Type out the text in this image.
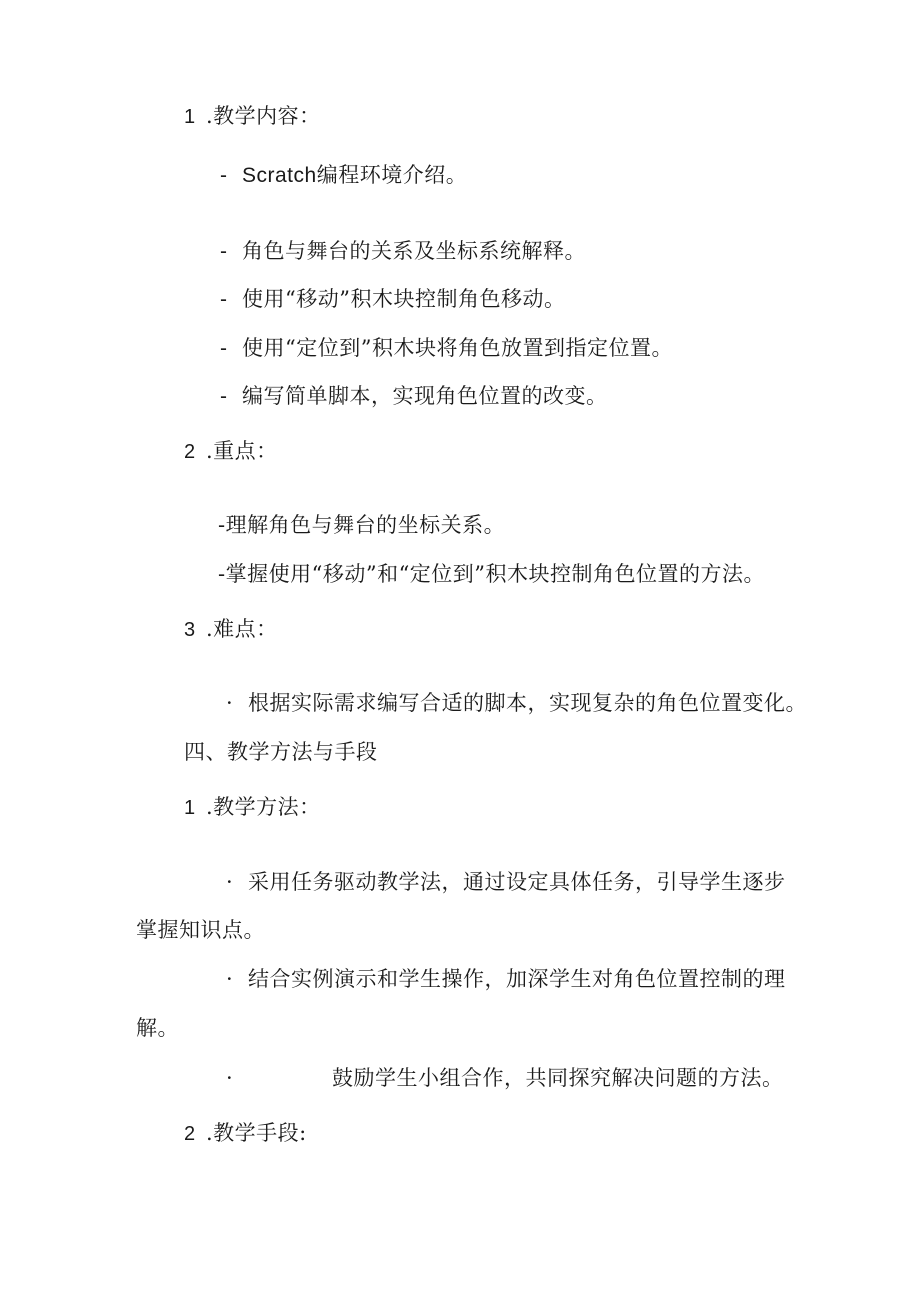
1 .教学内容：
- Scratch编程环境介绍。
- 角色与舞台的关系及坐标系统解释。
- 使用“移动”积木块控制角色移动。
- 使用“定位到”积木块将角色放置到指定位置。
- 编写简单脚本，实现角色位置的改变。
2 .重点：
-理解角色与舞台的坐标关系。
-掌握使用“移动”和“定位到”积木块控制角色位置的方法。
3 .难点：
· 根据实际需求编写合适的脚本，实现复杂的角色位置变化。
四、教学方法与手段
1 .教学方法：
· 采用任务驱动教学法，通过设定具体任务，引导学生逐步
掌握知识点。
· 结合实例演示和学生操作，加深学生对角色位置控制的理
解。
·	鼓励学生小组合作，共同探究解决问题的方法。
2 .教学手段:
